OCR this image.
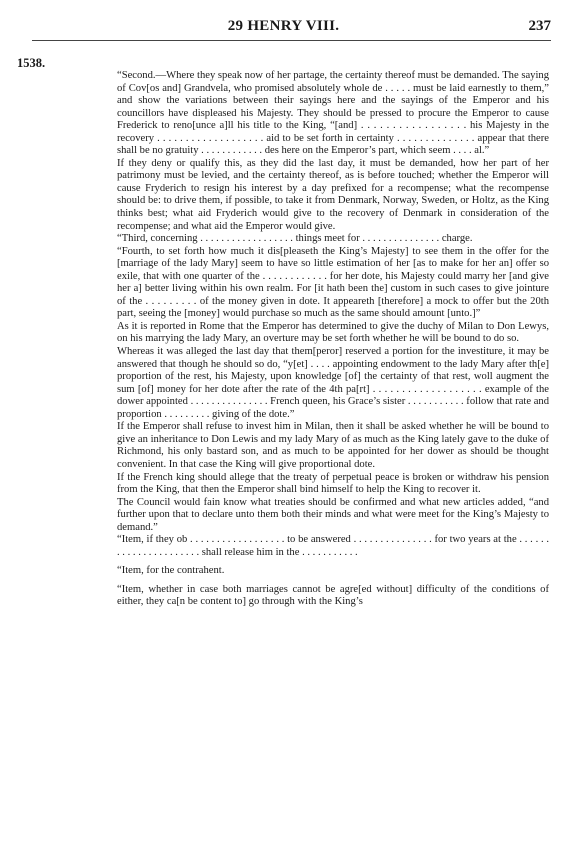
29 HENRY VIII.	237
1538.

“Second.—Where they speak now of her partage, the certainty thereof must be demanded. The saying of Cov[os and] Grandvela, who promised absolutely whole de . . . . . must be laid earnestly to them,” and show the variations between their sayings here and the sayings of the Emperor and his councillors have displeased his Majesty. They should be pressed to procure the Emperor to cause Frederick to reno[unce a]ll his title to the King, “[and] . . . . . . . . . . . . . . . . . his Majesty in the recovery . . . . . . . . . . . . . . . . . . . aid to be set forth in certainty . . . . . . . . . . . . . . appear that there shall be no gratuity . . . . . . . . . . . . des here on the Emperor’s part, which seem . . . . al.”

If they deny or qualify this, as they did the last day, it must be demanded, how her part of her patrimony must be levied, and the certainty thereof, as is before touched; whether the Emperor will cause Fryderich to resign his interest by a day prefixed for a recompense; what the recompense should be: to drive them, if possible, to take it from Denmark, Norway, Sweden, or Holtz, as the King thinks best; what aid Fryderich would give to the recovery of Denmark in consideration of the recompense; and what aid the Emperor would give.

“Third, concerning . . . . . . . . . . . . . . . . . . things meet for . . . . . . . . . . . . . . . charge.

“Fourth, to set forth how much it dis[pleaseth the King’s Majesty] to see them in the offer for the [marriage of the lady Mary] seem to have so little estimation of her [as to make for her an] offer so exile, that with one quarter of the . . . . . . . . . . . . for her dote, his Majesty could marry her [and give her a] better living within his own realm. For [it hath been the] custom in such cases to give jointure of the . . . . . . . . . of the money given in dote. It appeareth [therefore] a mock to offer but the 20th part, seeing the [money] would purchase so much as the same should amount [unto.]”

As it is reported in Rome that the Emperor has determined to give the duchy of Milan to Don Lewys, on his marrying the lady Mary, an overture may be set forth whether he will be bound to do so.

Whereas it was alleged the last day that them[peror] reserved a portion for the investiture, it may be answered that though he should so do, “y[et] . . . . appointing endowment to the lady Mary after th[e] proportion of the rest, his Majesty, upon knowledge [of] the certainty of that rest, woll augment the sum [of] money for her dote after the rate of the 4th pa[rt] . . . . . . . . . . . . . . . . . . . example of the dower appointed . . . . . . . . . . . . . . . French queen, his Grace’s sister . . . . . . . . . . . follow that rate and proportion . . . . . . . . . giving of the dote.”

If the Emperor shall refuse to invest him in Milan, then it shall be asked whether he will be bound to give an inheritance to Don Lewis and my lady Mary of as much as the King lately gave to the duke of Richmond, his only bastard son, and as much to be appointed for her dower as should be thought convenient. In that case the King will give proportional dote.

If the French king should allege that the treaty of perpetual peace is broken or withdraw his pension from the King, that then the Emperor shall bind himself to help the King to recover it.

The Council would fain know what treaties should be confirmed and what new articles added, “and further upon that to declare unto them both their minds and what were meet for the King’s Majesty to demand.”

“Item, if they ob . . . . . . . . . . . . . . . . . . to be answered . . . . . . . . . . . . . . . for two years at the . . . . . . . . . . . . . . . . . . . . . . shall release him in the . . . . . . . . . . .

“Item, for the contrahent.

“Item, whether in case both marriages cannot be agre[ed without] difficulty of the conditions of either, they ca[n be content to] go through with the King’s
